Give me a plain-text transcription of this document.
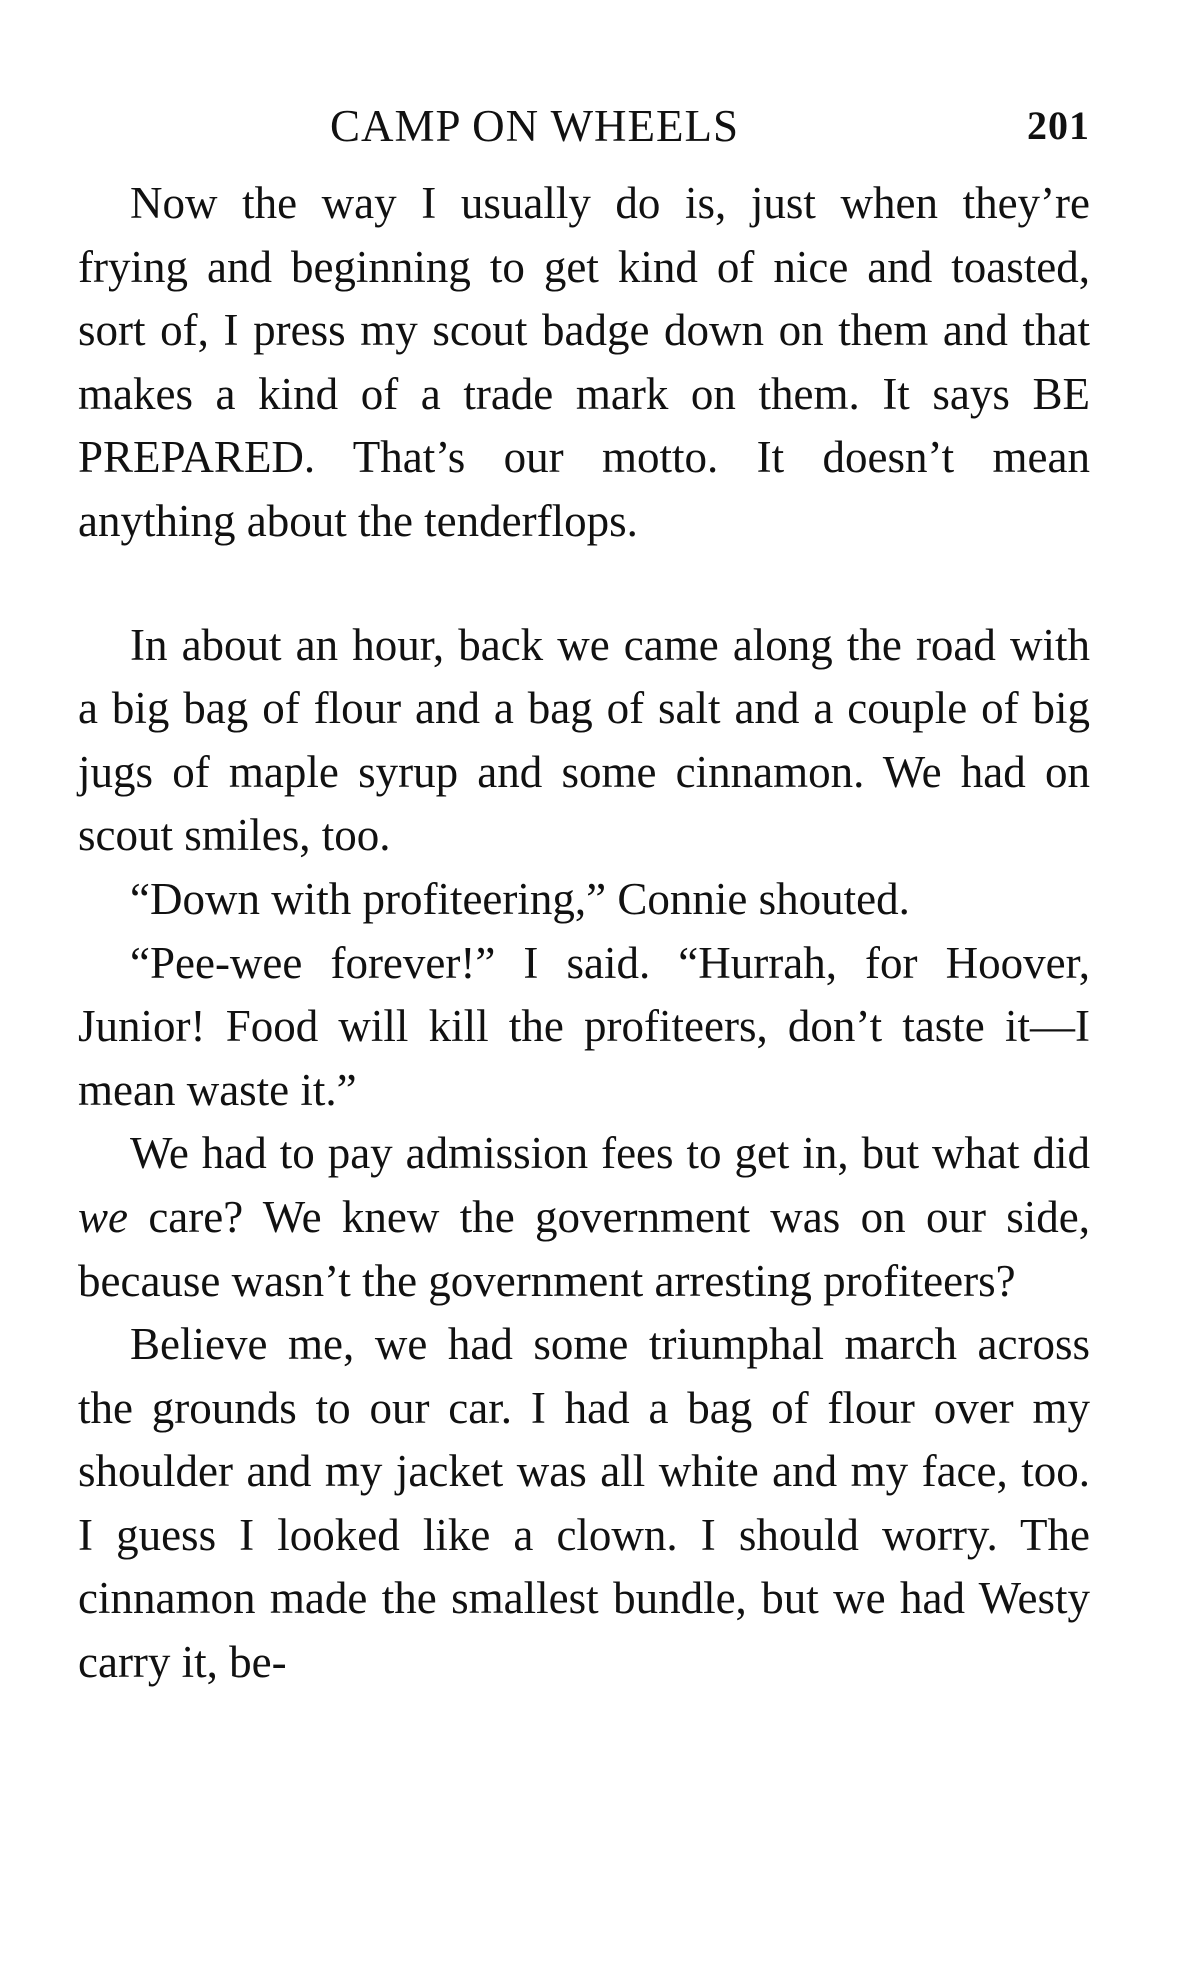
CAMP ON WHEELS	201

Now the way I usually do is, just when they’re frying and beginning to get kind of nice and toasted, sort of, I press my scout badge down on them and that makes a kind of a trade mark on them. It says BE PREPARED. That’s our motto. It doesn’t mean anything about the tenderflops.

In about an hour, back we came along the road with a big bag of flour and a bag of salt and a couple of big jugs of maple syrup and some cinnamon. We had on scout smiles, too.

“Down with profiteering,” Connie shouted.

“Pee-wee forever!” I said. “Hurrah, for Hoover, Junior! Food will kill the profiteers, don’t taste it—I mean waste it.”

We had to pay admission fees to get in, but what did we care? We knew the government was on our side, because wasn’t the government arresting profiteers?

Believe me, we had some triumphal march across the grounds to our car. I had a bag of flour over my shoulder and my jacket was all white and my face, too. I guess I looked like a clown. I should worry. The cinnamon made the smallest bundle, but we had Westy carry it, be-
